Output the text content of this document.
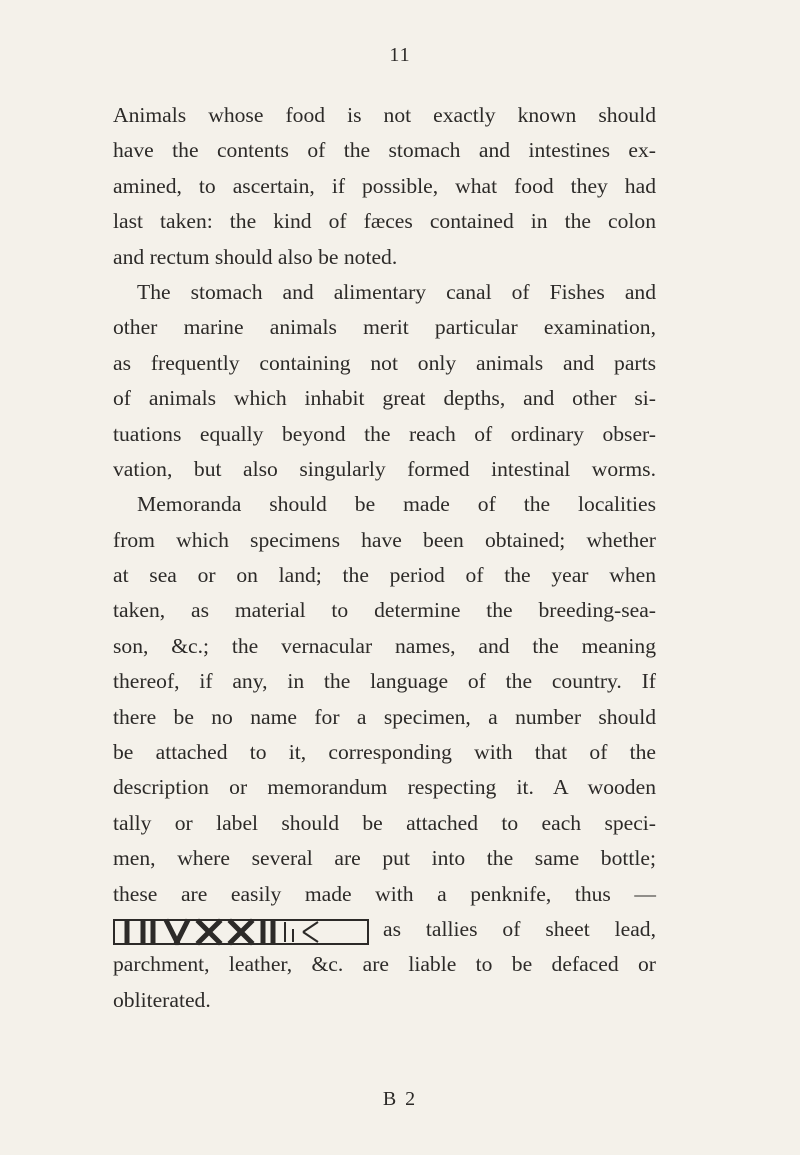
11
Animals whose food is not exactly known should
have the contents of the stomach and intestines ex-
amined, to ascertain, if possible, what food they had
last taken: the kind of fæces contained in the colon
and rectum should also be noted.
The stomach and alimentary canal of Fishes and
other marine animals merit particular examination,
as frequently containing not only animals and parts
of animals which inhabit great depths, and other si-
tuations equally beyond the reach of ordinary obser-
vation, but also singularly formed intestinal worms.
Memoranda should be made of the localities
from which specimens have been obtained; whether
at sea or on land; the period of the year when
taken, as material to determine the breeding-sea-
son, &c.; the vernacular names, and the meaning
thereof, if any, in the language of the country. If
there be no name for a specimen, a number should
be attached to it, corresponding with that of the
description or memorandum respecting it. A wooden
tally or label should be attached to each speci-
men, where several are put into the same bottle;
these are easily made with a penknife, thus —
as tallies of sheet lead,
parchment, leather, &c. are liable to be defaced or
obliterated.
B 2
